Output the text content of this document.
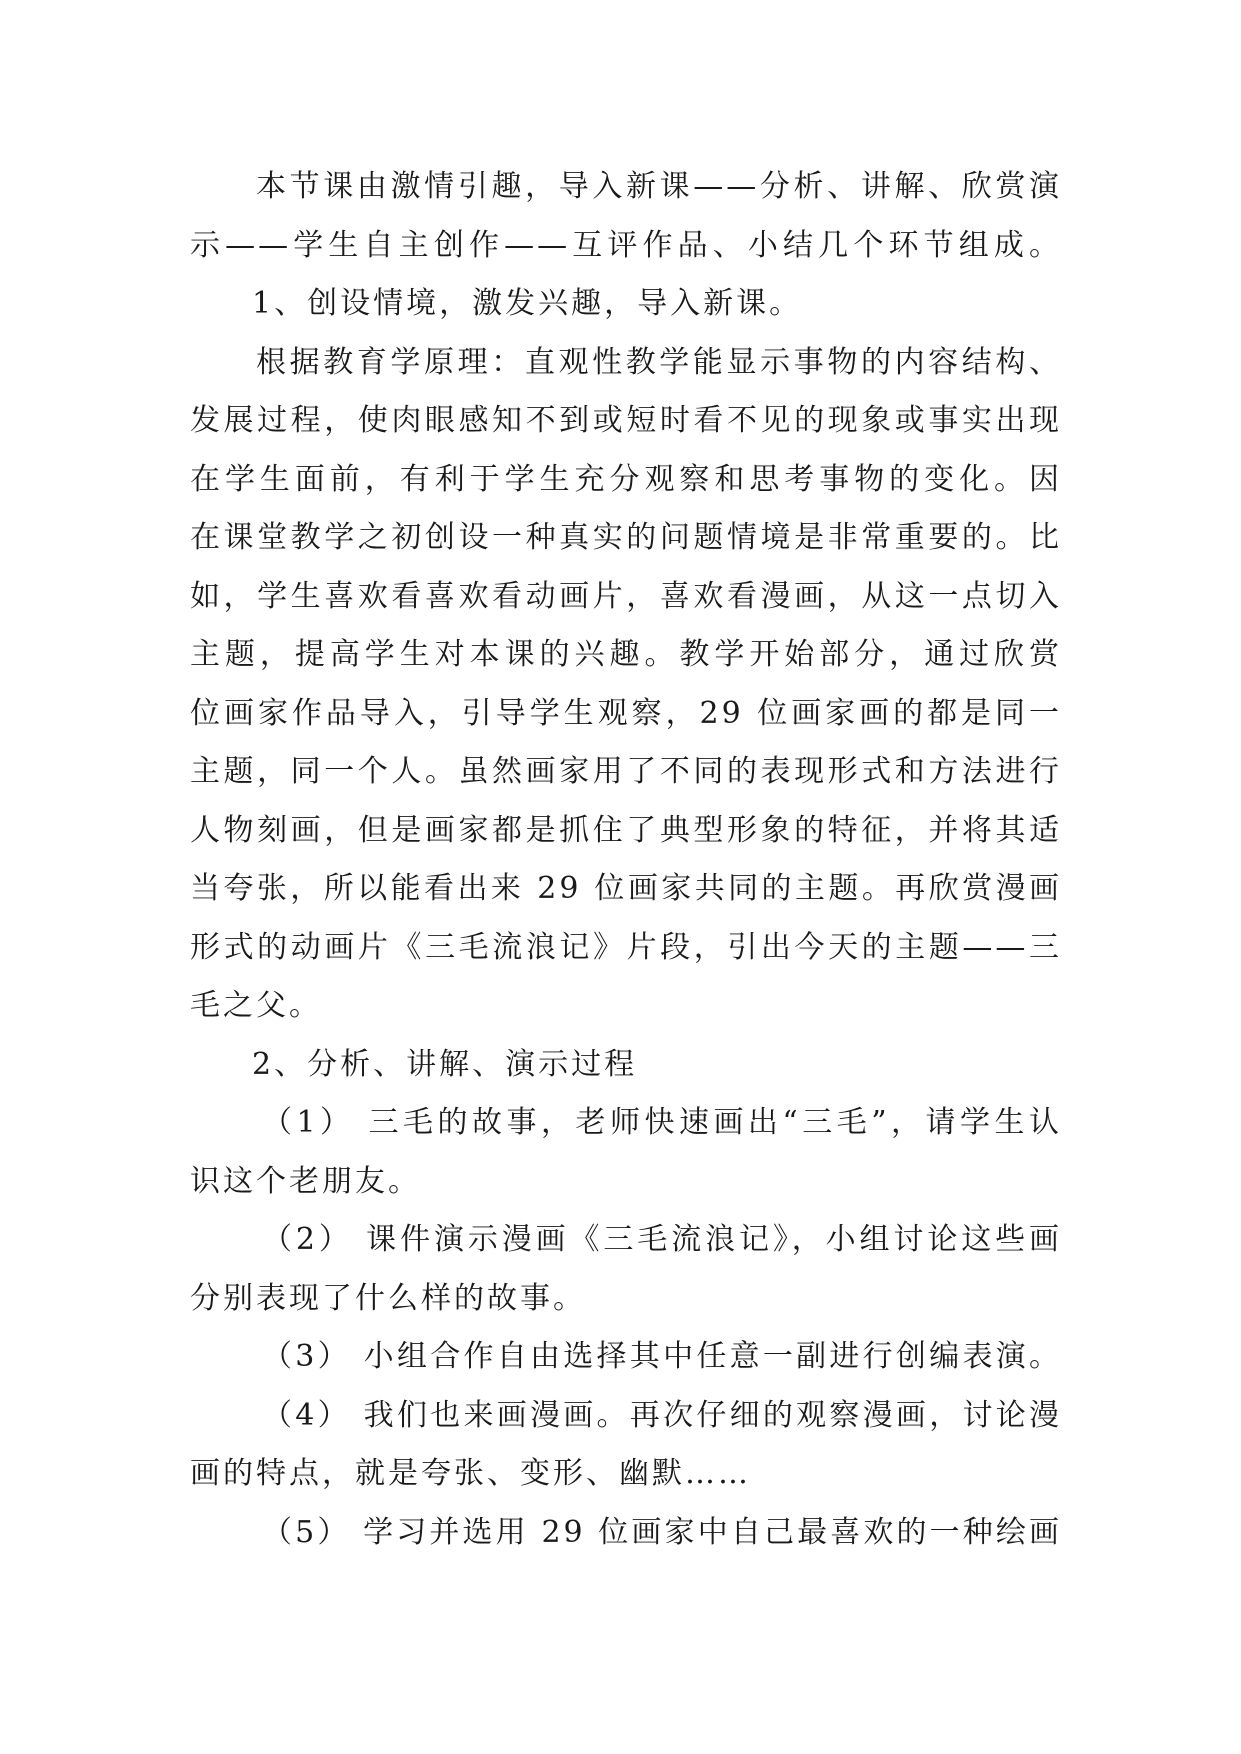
本节课由激情引趣，导入新课——分析、讲解、欣赏演
示——学生自主创作——互评作品、小结几个环节组成。
1、创设情境，激发兴趣，导入新课。
根据教育学原理：直观性教学能显示事物的内容结构、
发展过程，使肉眼感知不到或短时看不见的现象或事实出现
在学生面前，有利于学生充分观察和思考事物的变化。因
在课堂教学之初创设一种真实的问题情境是非常重要的。比
如，学生喜欢看喜欢看动画片，喜欢看漫画，从这一点切入
主题，提高学生对本课的兴趣。教学开始部分，通过欣赏
位画家作品导入，引导学生观察，29 位画家画的都是同一
主题，同一个人。虽然画家用了不同的表现形式和方法进行
人物刻画，但是画家都是抓住了典型形象的特征，并将其适
当夸张，所以能看出来 29 位画家共同的主题。再欣赏漫画
形式的动画片《三毛流浪记》片段，引出今天的主题——三
毛之父。
2、分析、讲解、演示过程
（1） 三毛的故事，老师快速画出“三毛”，请学生认
识这个老朋友。
（2） 课件演示漫画《三毛流浪记》，小组讨论这些画
分别表现了什么样的故事。
（3） 小组合作自由选择其中任意一副进行创编表演。
（4） 我们也来画漫画。再次仔细的观察漫画，讨论漫
画的特点，就是夸张、变形、幽默……
（5） 学习并选用 29 位画家中自己最喜欢的一种绘画
